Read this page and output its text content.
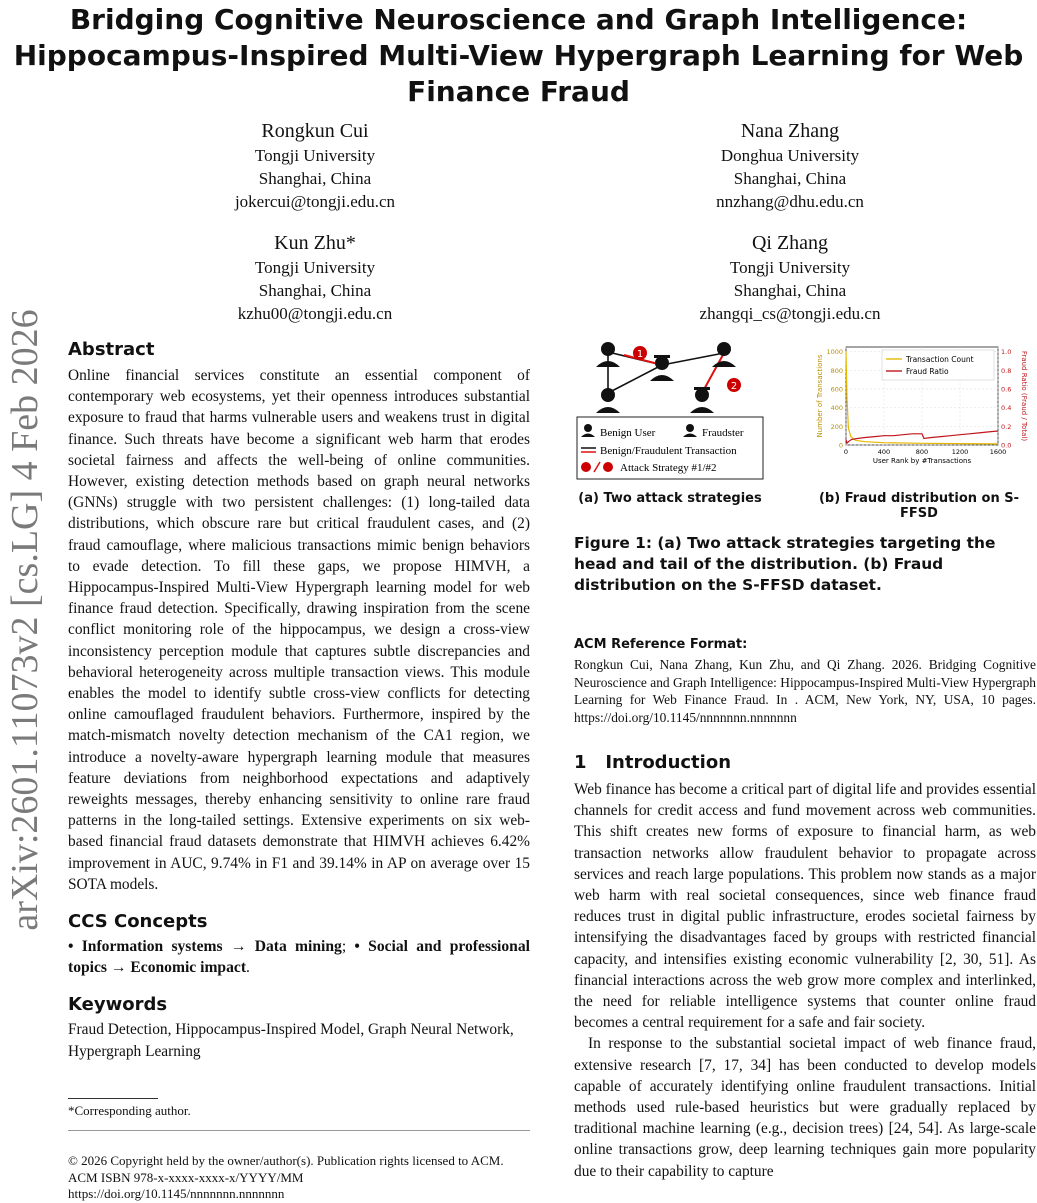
Bridging Cognitive Neuroscience and Graph Intelligence:
Hippocampus-Inspired Multi-View Hypergraph Learning for Web
Finance Fraud
Rongkun Cui
Tongji University
Shanghai, China
jokercui@tongji.edu.cn
Nana Zhang
Donghua University
Shanghai, China
nnzhang@dhu.edu.cn
Kun Zhu*
Tongji University
Shanghai, China
kzhu00@tongji.edu.cn
Qi Zhang
Tongji University
Shanghai, China
zhangqi_cs@tongji.edu.cn
arXiv:2601.11073v2 [cs.LG] 4 Feb 2026 Abstract

Online financial services constitute an essential component of contemporary web ecosystems, yet their openness introduces substantial exposure to fraud that harms vulnerable users and weakens trust in digital finance. Such threats have become a significant web harm that erodes societal fairness and affects the well-being of online communities. However, existing detection methods based on graph neural networks (GNNs) struggle with two persistent challenges: (1) long-tailed data distributions, which obscure rare but critical fraudulent cases, and (2) fraud camouflage, where malicious transactions mimic benign behaviors to evade detection. To fill these gaps, we propose HIMVH, a Hippocampus-Inspired Multi-View Hypergraph learning model for web finance fraud detection. Specifically, drawing inspiration from the scene conflict monitoring role of the hippocampus, we design a cross-view inconsistency perception module that captures subtle discrepancies and behavioral heterogeneity across multiple transaction views. This module enables the model to identify subtle cross-view conflicts for detecting online camouflaged fraudulent behaviors. Furthermore, inspired by the match-mismatch novelty detection mechanism of the CA1 region, we introduce a novelty-aware hypergraph learning module that measures feature deviations from neighborhood expectations and adaptively reweights messages, thereby enhancing sensitivity to online rare fraud patterns in the long-tailed settings. Extensive experiments on six web-based financial fraud datasets demonstrate that HIMVH achieves 6.42% improvement in AUC, 9.74% in F1 and 39.14% in AP on average over 15 SOTA models.

CCS Concepts

• Information systems → Data mining; • Social and professional topics → Economic impact.

Keywords

Fraud Detection, Hippocampus-Inspired Model, Graph Neural Network, Hypergraph Learning

*Corresponding author.
© 2026 Copyright held by the owner/author(s). Publication rights licensed to ACM.
ACM ISBN 978-x-xxxx-xxxx-x/YYYY/MM
https://doi.org/10.1145/nnnnnnn.nnnnnnn
1
2
Benign User	Fraudster
Benign/Fraudulent Transaction
Attack Strategy #1/#2
0	400	800	1200	1600
0
200
400
600
800
1000
0.0
0.2
0.4
0.6
0.8
1.0
User Rank by #Transactions
Number of Transactions	Fraud Ratio (Fraud / Total)
Transaction Count
Fraud Ratio
(a) Two attack strategies	(b) Fraud distribution on S-FFSD
Figure 1: (a) Two attack strategies targeting the head and tail of the distribution. (b) Fraud distribution on the S-FFSD dataset.
ACM Reference Format:

Rongkun Cui, Nana Zhang, Kun Zhu, and Qi Zhang. 2026. Bridging Cognitive Neuroscience and Graph Intelligence: Hippocampus-Inspired Multi-View Hypergraph Learning for Web Finance Fraud. In . ACM, New York, NY, USA, 10 pages. https://doi.org/10.1145/nnnnnnn.nnnnnnn

1   Introduction

Web finance has become a critical part of digital life and provides essential channels for credit access and fund movement across web communities. This shift creates new forms of exposure to financial harm, as web transaction networks allow fraudulent behavior to propagate across services and reach large populations. This problem now stands as a major web harm with real societal consequences, since web finance fraud reduces trust in digital public infrastructure, erodes societal fairness by intensifying the disadvantages faced by groups with restricted financial capacity, and intensifies existing economic vulnerability [2, 30, 51]. As financial interactions across the web grow more complex and interlinked, the need for reliable intelligence systems that counter online fraud becomes a central requirement for a safe and fair society.

In response to the substantial societal impact of web finance fraud, extensive research [7, 17, 34] has been conducted to develop models capable of accurately identifying online fraudulent transactions. Initial methods used rule-based heuristics but were gradually replaced by traditional machine learning (e.g., decision trees) [24, 54]. As large-scale online transactions grow, deep learning techniques gain more popularity due to their capability to capture
